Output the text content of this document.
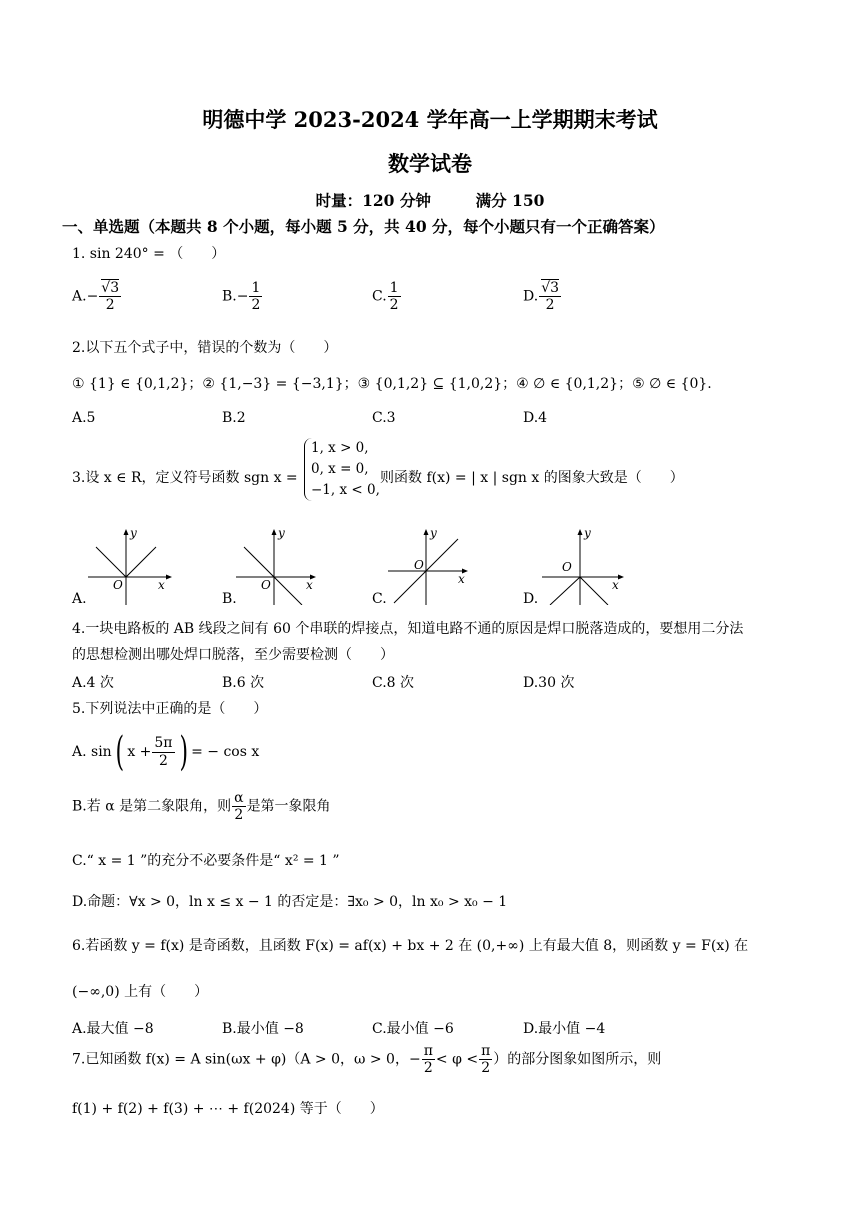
明德中学 2023-2024 学年高一上学期期末考试
数学试卷
时量：120 分钟	满分 150
一、单选题（本题共 8 个小题，每小题 5 分，共 40 分，每个小题只有一个正确答案）
1. sin 240° = （　　）
$A.- \frac{√3}{2}$	$B.- \frac{1}{2}$	C. $\frac{1}{2}$	D. $\frac{√3}{2}$
2.以下五个式子中，错误的个数为（　　）
① {1} ∈ {0,1,2}；② {1,−3} = {−3,1}；③ {0,1,2} ⊆ {1,0,2}；④ ∅ ∈ {0,1,2}；⑤ ∅ ∈ {0}.
A.5	B.2	C.3	D.4
3.设 x ∈ R，定义符号函数 sgn x =
1, x > 0,
0, x = 0,
−1, x < 0,
则函数 f(x) = | x | sgn x 的图象大致是（　　）
y
x
O
y
x
O
y
x
O
y
x
O
A.	B.	C.	D.
4.一块电路板的 AB 线段之间有 60 个串联的焊接点，知道电路不通的原因是焊口脱落造成的，要想用二分法
的思想检测出哪处焊口脱落，至少需要检测（　　）
A.4 次	B.6 次	C.8 次	D.30 次
5.下列说法中正确的是（　　）
A. sin( $x + \frac{5\pi}{2}$ ) = − cos x
B.若 α 是第二象限角，则 $\frac{\alpha}{2}$ 是第一象限角
C.“ x = 1 ”的充分不必要条件是“ x² = 1 ”
D.命题：∀x > 0，ln x ≤ x − 1 的否定是：∃x₀ > 0，ln x₀ > x₀ − 1
6.若函数 y = f(x) 是奇函数，且函数 F(x) = af(x) + bx + 2 在 (0,+∞) 上有最大值 8，则函数 y = F(x) 在
(−∞,0) 上有（　　）
A.最大值 −8	B.最小值 −8	C.最小值 −6	D.最小值 −4
7.已知函数 f(x) = A sin(ωx + φ)（A > 0，ω > 0，− $\frac{\pi}{2} < \varphi < \frac{\pi}{2}$ ）的部分图象如图所示，则
f(1) + f(2) + f(3) + ⋯ + f(2024) 等于（　　）
